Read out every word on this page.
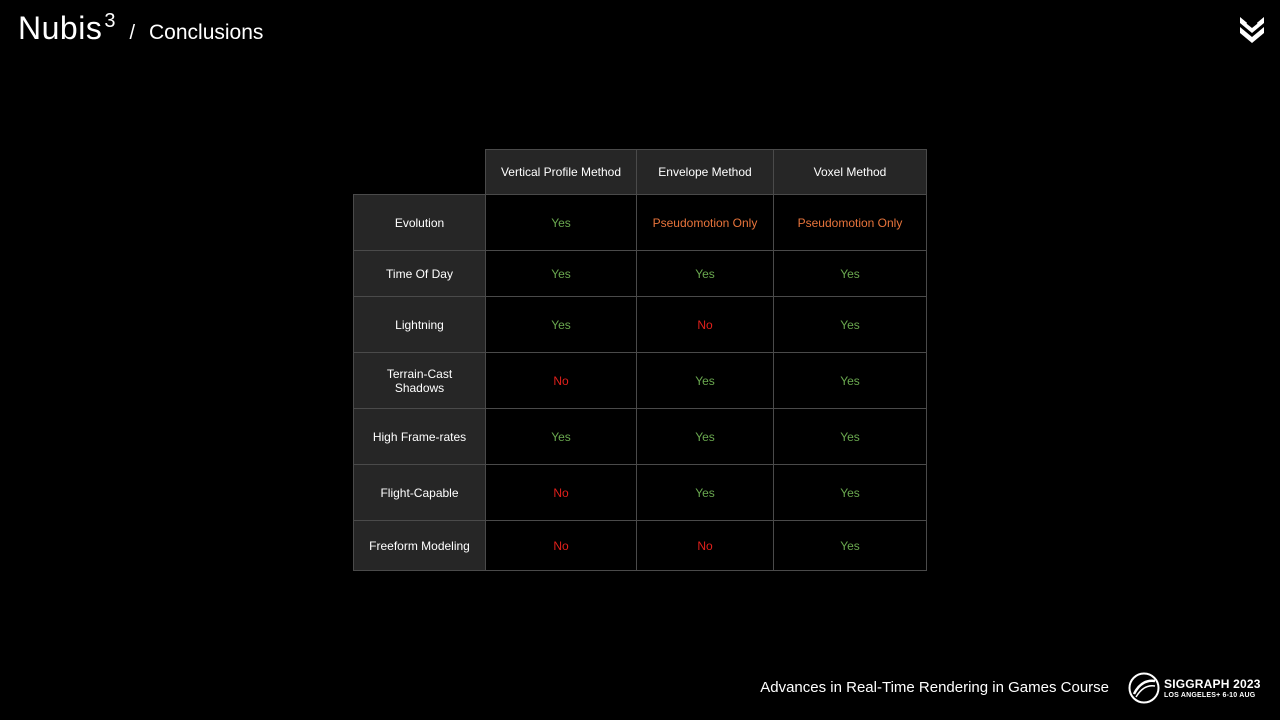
Nubis 3
/ Conclusions
	Vertical Profile Method	Envelope Method	Voxel Method
Evolution	Yes	Pseudomotion Only	Pseudomotion Only
Time Of Day	Yes	Yes	Yes
Lightning	Yes	No	Yes
Terrain-Cast Shadows	No	Yes	Yes
High Frame-rates	Yes	Yes	Yes
Flight-Capable	No	Yes	Yes
Freeform Modeling	No	No	Yes
Advances in Real-Time Rendering in Games Course	SIGGRAPH 2023
LOS ANGELES+ 6-10 AUG
